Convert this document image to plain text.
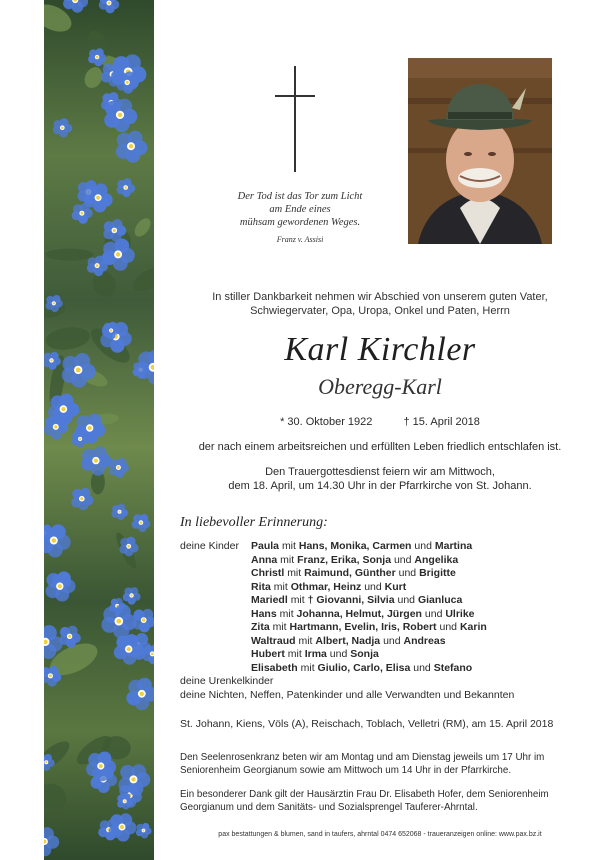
Der Tod ist das Tor zum Licht
am Ende eines
mühsam gewordenen Weges.
Franz v. Assisi
In stiller Dankbarkeit nehmen wir Abschied von unserem guten Vater,
Schwiegervater, Opa, Uropa, Onkel und Paten, Herrn
Karl Kirchler
Oberegg-Karl
* 30. Oktober 1922	† 15. April 2018
der nach einem arbeitsreichen und erfüllten Leben friedlich entschlafen ist.
Den Trauergottesdienst feiern wir am Mittwoch,
dem 18. April, um 14.30 Uhr in der Pfarrkirche von St. Johann.
In liebevoller Erinnerung:
deine Kinder Paula mit Hans, Monika, Carmen und Martina
Anna mit Franz, Erika, Sonja und Angelika
Christl mit Raimund, Günther und Brigitte
Rita mit Othmar, Heinz und Kurt
Mariedl mit † Giovanni, Silvia und Gianluca
Hans mit Johanna, Helmut, Jürgen und Ulrike
Zita mit Hartmann, Evelin, Iris, Robert und Karin
Waltraud mit Albert, Nadja und Andreas
Hubert mit Irma und Sonja
Elisabeth mit Giulio, Carlo, Elisa und Stefano
deine Urenkelkinder
deine Nichten, Neffen, Patenkinder und alle Verwandten und Bekannten
St. Johann, Kiens, Völs (A), Reischach, Toblach, Velletri (RM), am 15. April 2018
Den Seelenrosenkranz beten wir am Montag und am Dienstag jeweils um 17 Uhr im Seniorenheim Georgianum sowie am Mittwoch um 14 Uhr in der Pfarrkirche.
Ein besonderer Dank gilt der Hausärztin Frau Dr. Elisabeth Hofer, dem Seniorenheim Georgianum und dem Sanitäts- und Sozialsprengel Tauferer-Ahrntal.
pax bestattungen & blumen, sand in taufers, ahrntal 0474 652068 - traueranzeigen online: www.pax.bz.it
